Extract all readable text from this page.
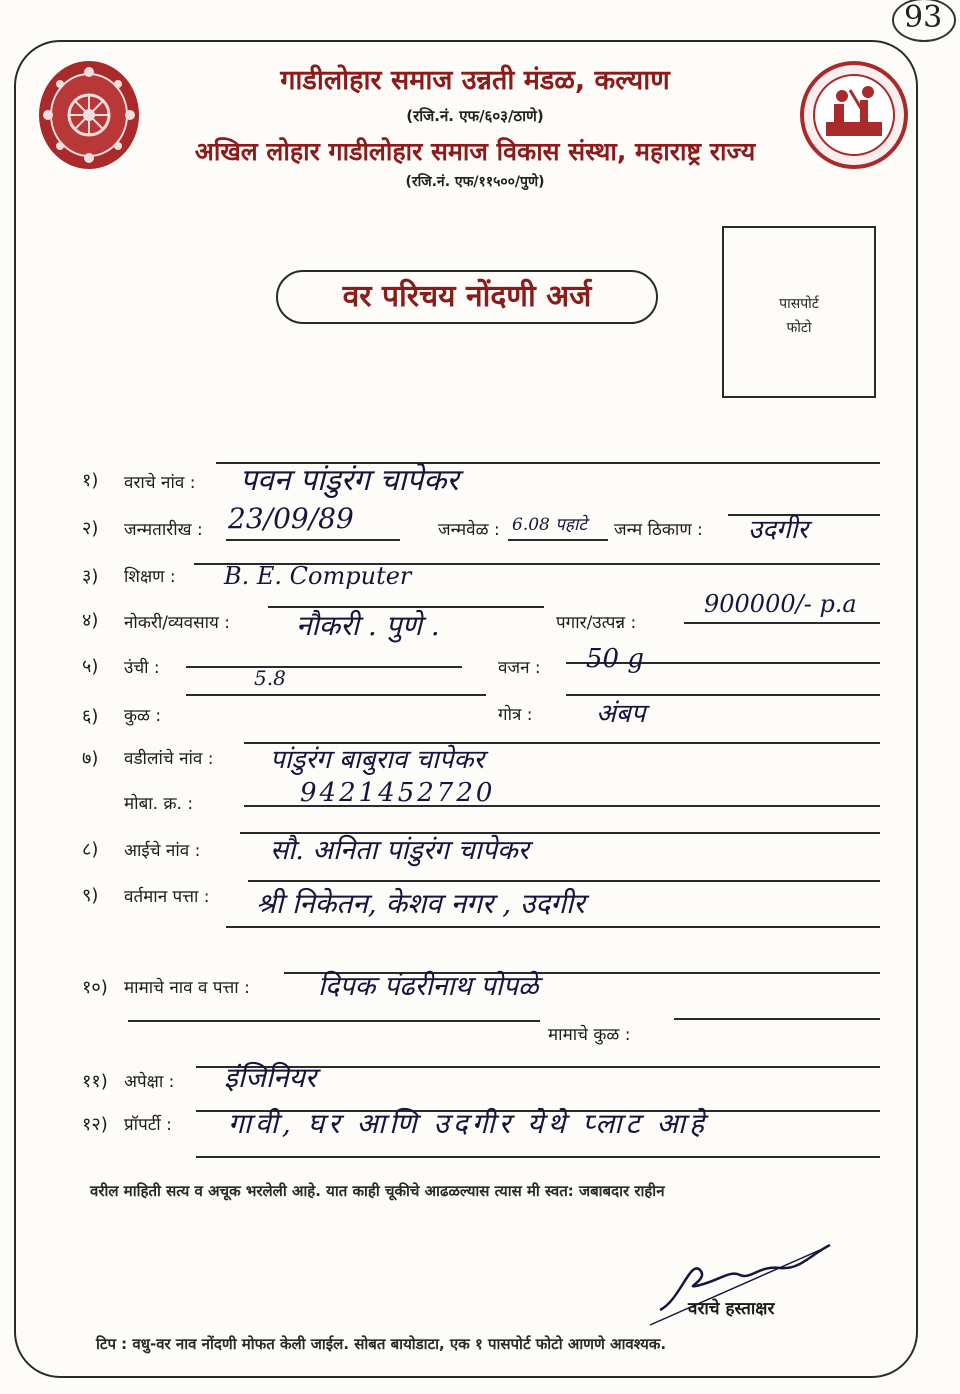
93
गाडीलोहार समाज उन्नती मंडळ, कल्याण
(रजि.नं. एफ/६०३/ठाणे)
अखिल लोहार गाडीलोहार समाज विकास संस्था, महाराष्ट्र राज्य
(रजि.नं. एफ/११५००/पुणे)
वर परिचय नोंदणी अर्ज	पासपोर्ट
फोटो
१) वराचे नांव : पवन पांडुरंग चापेकर
२) जन्मतारीख : 23/09/89	जन्मवेळ : 6.08 पहाटे जन्म ठिकाण : उदगीर
३) शिक्षण : B. E. Computer
४) नोकरी/व्यवसाय : नौकरी . पुणे .	पगार/उत्पन्न :
900000/- p.a
५) उंची :	5.8	वजन : 50 g
६) कुळ :	गोत्र : अंबप
७) वडीलांचे नांव : पांडुरंग बाबुराव चापेकर
मोबा. क्र. :	9421452720
८) आईचे नांव :	सौ. अनिता पांडुरंग चापेकर
९) वर्तमान पत्ता : श्री निकेतन, केशव नगर , उदगीर
१०) मामाचे नाव व पत्ता :	दिपक पंढरीनाथ पोपळे
मामाचे कुळ :
११) अपेक्षा : इंजिनियर
१२) प्रॉपर्टी : गावी, घर आणि उदगीर येथे प्लाट आहे
वरील माहिती सत्य व अचूक भरलेली आहे. यात काही चूकीचे आढळल्यास त्यास मी स्वत: जबाबदार राहीन
वराचे हस्ताक्षर
टिप : वधु-वर नाव नोंदणी मोफत केली जाईल. सोबत बायोडाटा, एक १ पासपोर्ट फोटो आणणे आवश्यक.
